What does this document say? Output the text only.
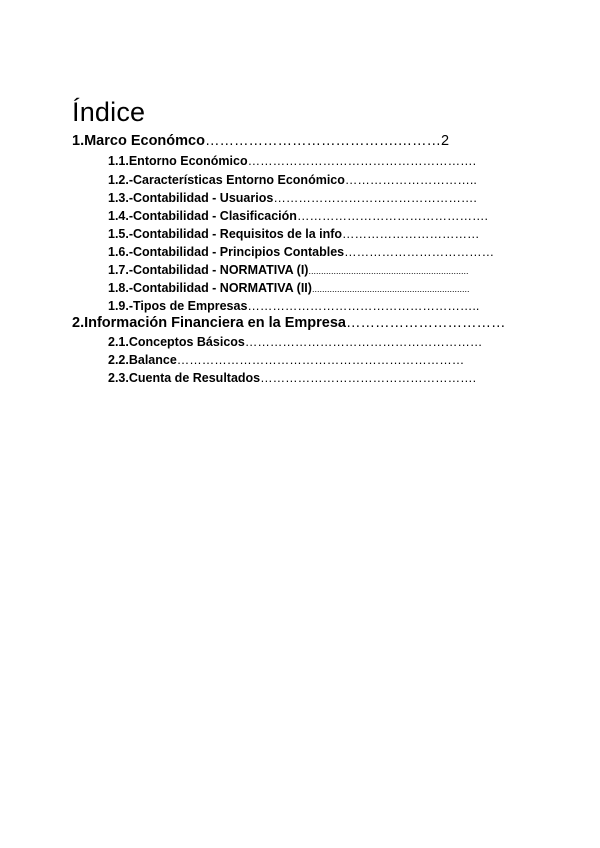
Índice
1.Marco Económco………………………………….………2
1.1.Entorno Económico……………………………………………….
1.2.-Características Entorno Económico…………………………..
1.3.-Contabilidad - Usuarios………………………………………….
1.4.-Contabilidad - Clasificación……………………………………….
1.5.-Contabilidad - Requisitos de la info……………………………
1.6.-Contabilidad - Principios Contables………………………………
1.7.-Contabilidad - NORMATIVA (I)................................................................
1.8.-Contabilidad - NORMATIVA (II)...............................................................
1.9.-Tipos de Empresas………………………………………………..
2.Información Financiera en la Empresa……………………………
2.1.Conceptos Básicos…………………………………………………
2.2.Balance……………………………………………………………
2.3.Cuenta de Resultados…………………………………………….
